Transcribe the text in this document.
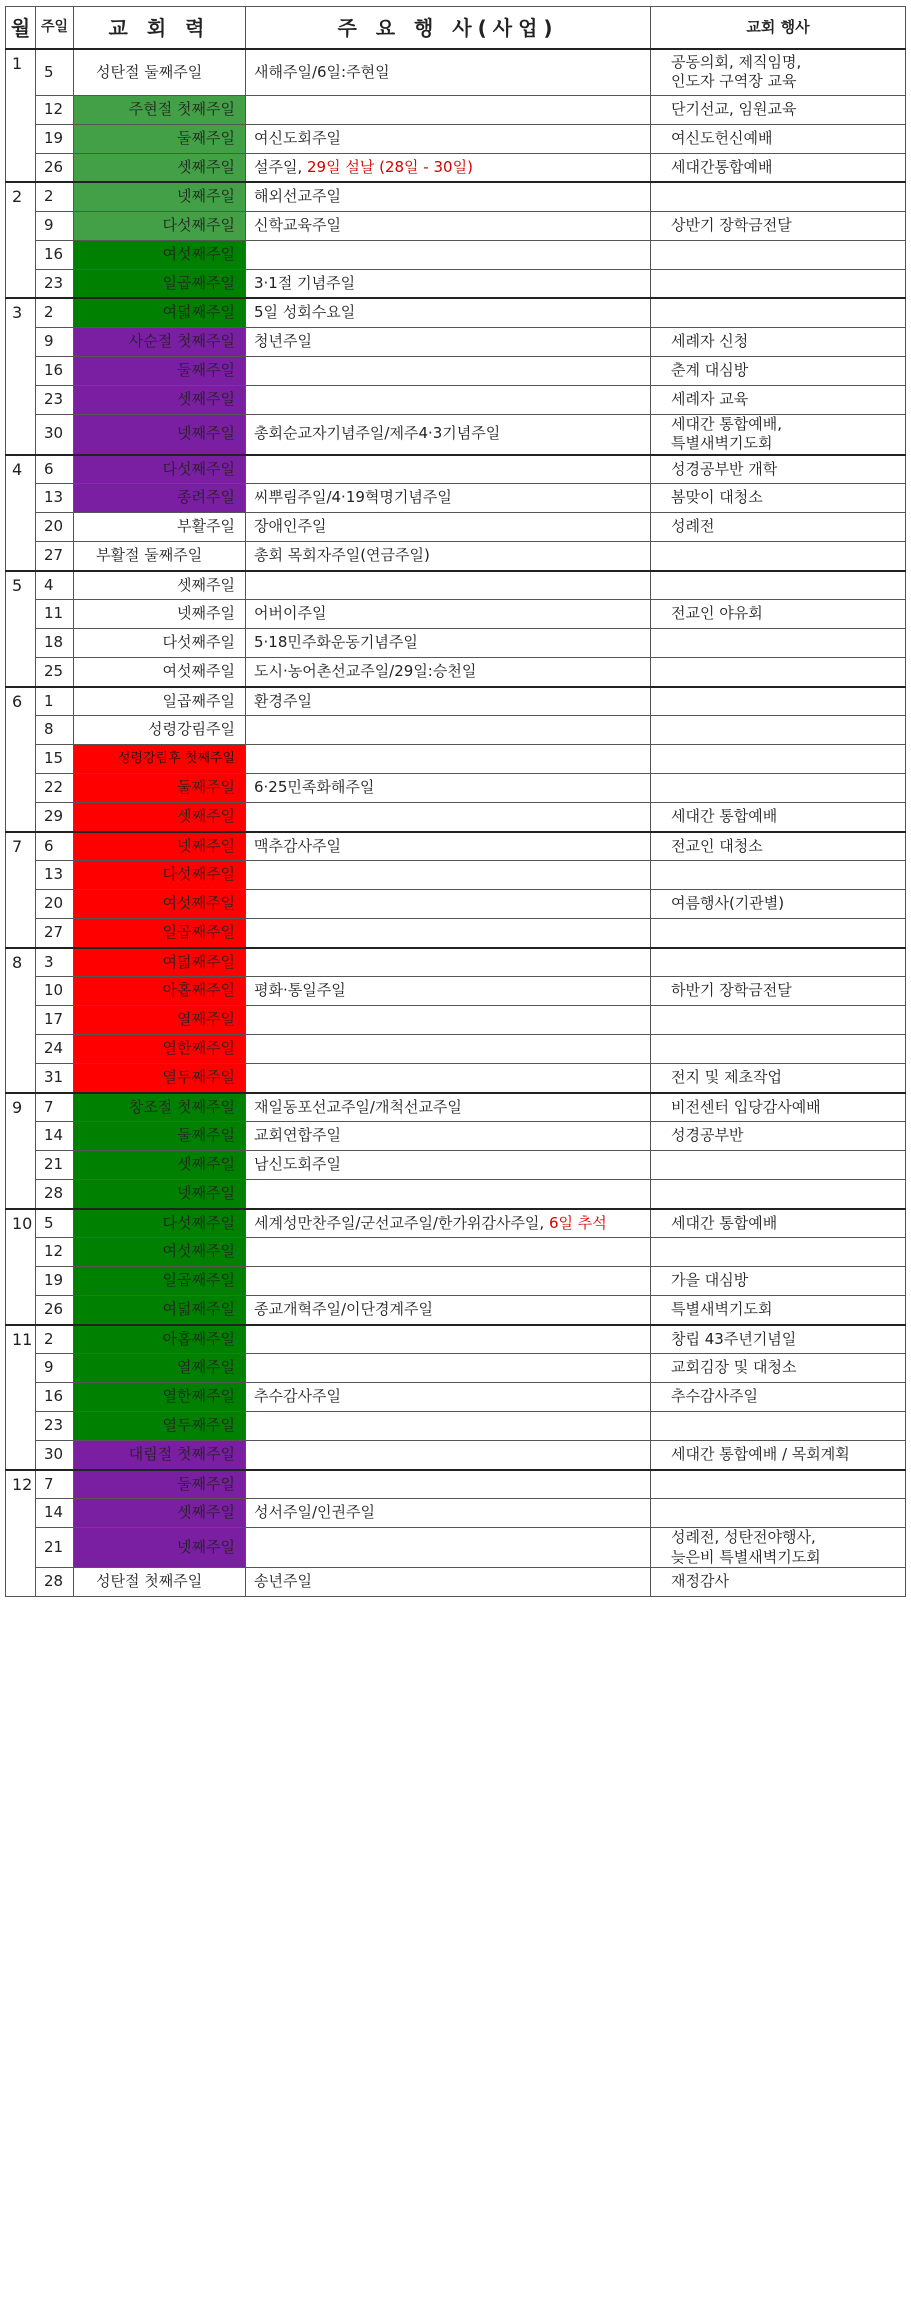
월	주일	교 회 력	주 요 행 사(사업)	교회 행사
1	5	성탄절 둘째주일	새해주일/6일:주현일	공동의회, 제직임명,
인도자 구역장 교육
	12	주현절 첫째주일		단기선교, 임원교육
	19	둘째주일	여신도회주일	여신도헌신예배
	26	셋째주일	설주일, 29일 설날 (28일 - 30일)	세대간통합예배
2	2	넷째주일	해외선교주일	
	9	다섯째주일	신학교육주일	상반기 장학금전달
	16	여섯째주일		
	23	일곱째주일	3·1절 기념주일	
3	2	여덟째주일	5일 성회수요일	
	9	사순절 첫째주일	청년주일	세례자 신청
	16	둘째주일		춘계 대심방
	23	셋째주일		세례자 교육
	30	넷째주일	총회순교자기념주일/제주4·3기념주일	세대간 통합예배,
특별새벽기도회
4	6	다섯째주일		성경공부반 개학
	13	종려주일	씨뿌림주일/4·19혁명기념주일	봄맞이 대청소
	20	부활주일	장애인주일	성례전
	27	부활절 둘째주일	총회 목회자주일(연금주일)	
5	4	셋째주일		
	11	넷째주일	어버이주일	전교인 야유회
	18	다섯째주일	5·18민주화운동기념주일	
	25	여섯째주일	도시·농어촌선교주일/29일:승천일	
6	1	일곱째주일	환경주일	
	8	성령강림주일		
	15	성령강림후 첫째주일		
	22	둘째주일	6·25민족화해주일	
	29	셋째주일		세대간 통합예배
7	6	넷째주일	맥추감사주일	전교인 대청소
	13	다섯째주일		
	20	여섯째주일		여름행사(기관별)
	27	일곱째주일		
8	3	여덟째주일		
	10	아홉째주일	평화·통일주일	하반기 장학금전달
	17	열째주일		
	24	열한째주일		
	31	열두째주일		전지 및 제초작업
9	7	창조절 첫째주일	재일동포선교주일/개척선교주일	비전센터 입당감사예배
	14	둘째주일	교회연합주일	성경공부반
	21	셋째주일	남신도회주일	
	28	넷째주일		
10	5	다섯째주일	세계성만찬주일/군선교주일/한가위감사주일, 6일 추석	세대간 통합예배
	12	여섯째주일		
	19	일곱째주일		가을 대심방
	26	여덟째주일	종교개혁주일/이단경계주일	특별새벽기도회
11	2	아홉째주일		창립 43주년기념일
	9	열째주일		교회김장 및 대청소
	16	열한째주일	추수감사주일	추수감사주일
	23	열두째주일		
	30	대림절 첫째주일		세대간 통합예배 / 목회계획
12	7	둘째주일		
	14	셋째주일	성서주일/인권주일	
	21	넷째주일		성례전, 성탄전야행사,
늦은비 특별새벽기도회
	28	성탄절 첫째주일	송년주일	재정감사
